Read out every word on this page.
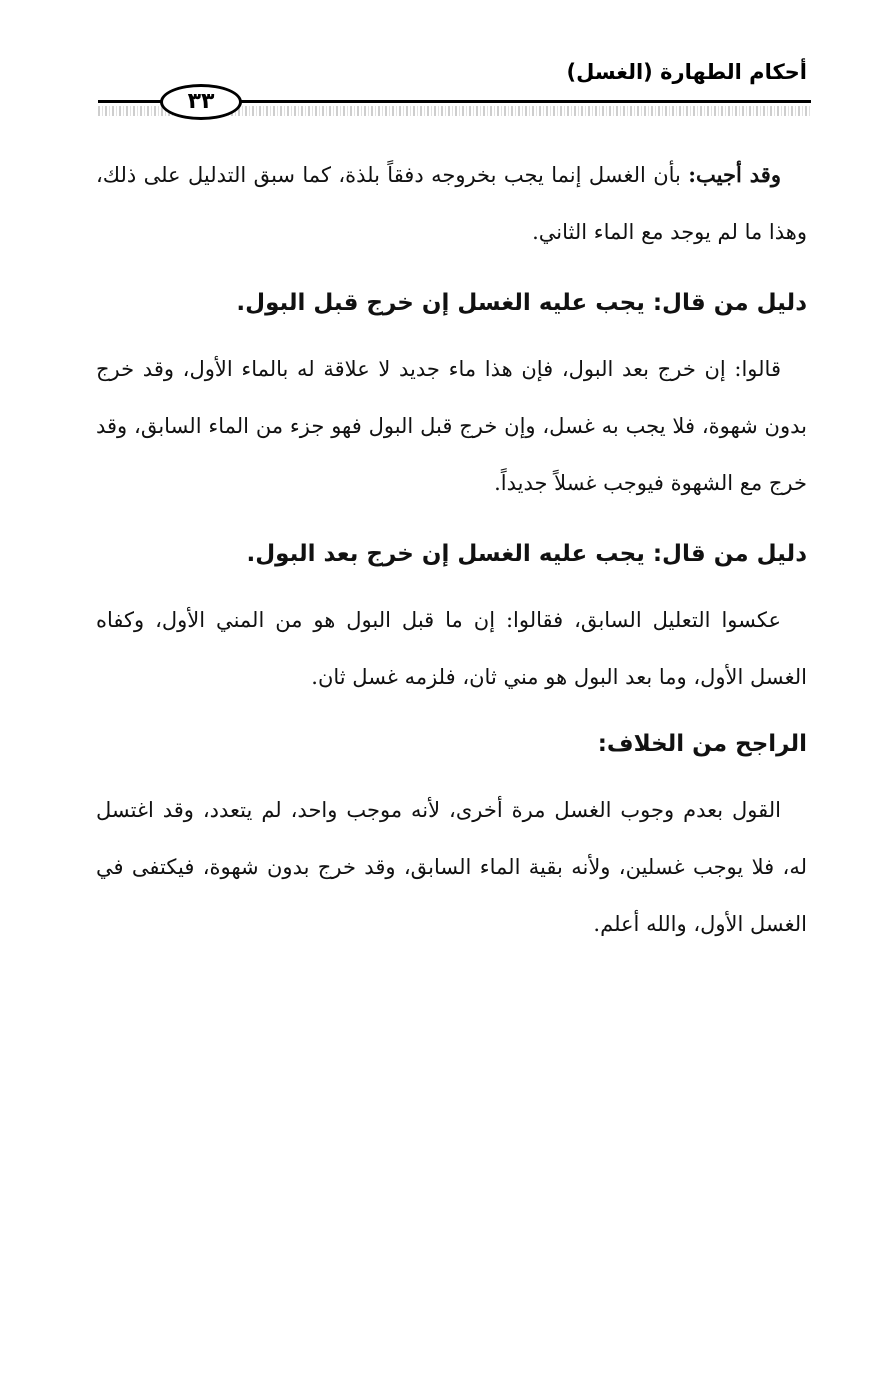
أحكام الطهارة (الغسل)
٣٣

وقد أجيب: بأن الغسل إنما يجب بخروجه دفقاً بلذة، كما سبق التدليل على ذلك، وهذا ما لم يوجد مع الماء الثاني.

دليل من قال: يجب عليه الغسل إن خرج قبل البول.

قالوا: إن خرج بعد البول، فإن هذا ماء جديد لا علاقة له بالماء الأول، وقد خرج بدون شهوة، فلا يجب به غسل، وإن خرج قبل البول فهو جزء من الماء السابق، وقد خرج مع الشهوة فيوجب غسلاً جديداً.

دليل من قال: يجب عليه الغسل إن خرج بعد البول.

عكسوا التعليل السابق، فقالوا: إن ما قبل البول هو من المني الأول، وكفاه الغسل الأول، وما بعد البول هو مني ثان، فلزمه غسل ثان.

الراجح من الخلاف:

القول بعدم وجوب الغسل مرة أخرى، لأنه موجب واحد، لم يتعدد، وقد اغتسل له، فلا يوجب غسلين، ولأنه بقية الماء السابق، وقد خرج بدون شهوة، فيكتفى في الغسل الأول، والله أعلم.
